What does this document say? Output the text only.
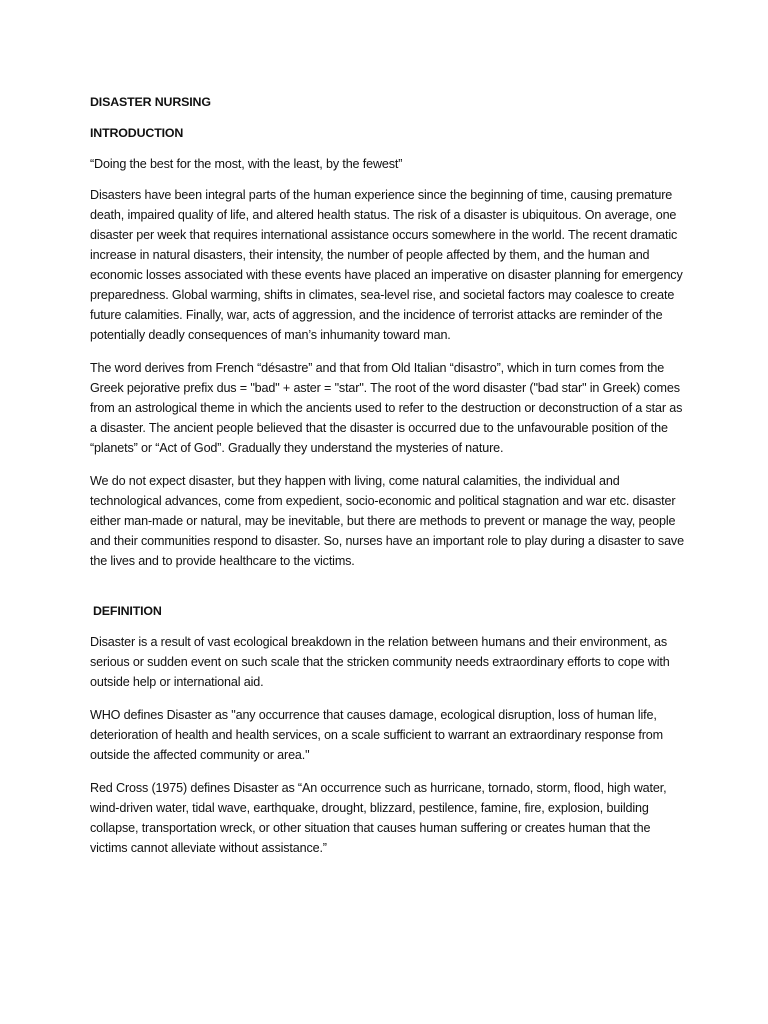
DISASTER NURSING

INTRODUCTION

“Doing the best for the most, with the least, by the fewest”

Disasters have been integral parts of the human experience since the beginning of time, causing premature death, impaired quality of life, and altered health status. The risk of a disaster is ubiquitous. On average, one disaster per week that requires international assistance occurs somewhere in the world. The recent dramatic increase in natural disasters, their intensity, the number of people affected by them, and the human and economic losses associated with these events have placed an imperative on disaster planning for emergency preparedness. Global warming, shifts in climates, sea-level rise, and societal factors may coalesce to create future calamities. Finally, war, acts of aggression, and the incidence of terrorist attacks are reminder of the potentially deadly consequences of man’s inhumanity toward man.

The word derives from French “désastre” and that from Old Italian “disastro”, which in turn comes from the Greek pejorative prefix dus = "bad" + aster = "star". The root of the word disaster ("bad star" in Greek) comes from an astrological theme in which the ancients used to refer to the destruction or deconstruction of a star as a disaster. The ancient people believed that the disaster is occurred due to the unfavourable position of the “planets” or “Act of God”. Gradually they understand the mysteries of nature.

We do not expect disaster, but they happen with living, come natural calamities, the individual and technological advances, come from expedient, socio-economic and political stagnation and war etc. disaster either man-made or natural, may be inevitable, but there are methods to prevent or manage the way, people and their communities respond to disaster. So, nurses have an important role to play during a disaster to save the lives and to provide healthcare to the victims.

DEFINITION

Disaster is a result of vast ecological breakdown in the relation between humans and their environment, as serious or sudden event on such scale that the stricken community needs extraordinary efforts to cope with outside help or international aid.

WHO defines Disaster as "any occurrence that causes damage, ecological disruption, loss of human life, deterioration of health and health services, on a scale sufficient to warrant an extraordinary response from outside the affected community or area."

Red Cross (1975) defines Disaster as “An occurrence such as hurricane, tornado, storm, flood, high water, wind-driven water, tidal wave, earthquake, drought, blizzard, pestilence, famine, fire, explosion, building collapse, transportation wreck, or other situation that causes human suffering or creates human that the victims cannot alleviate without assistance.”
